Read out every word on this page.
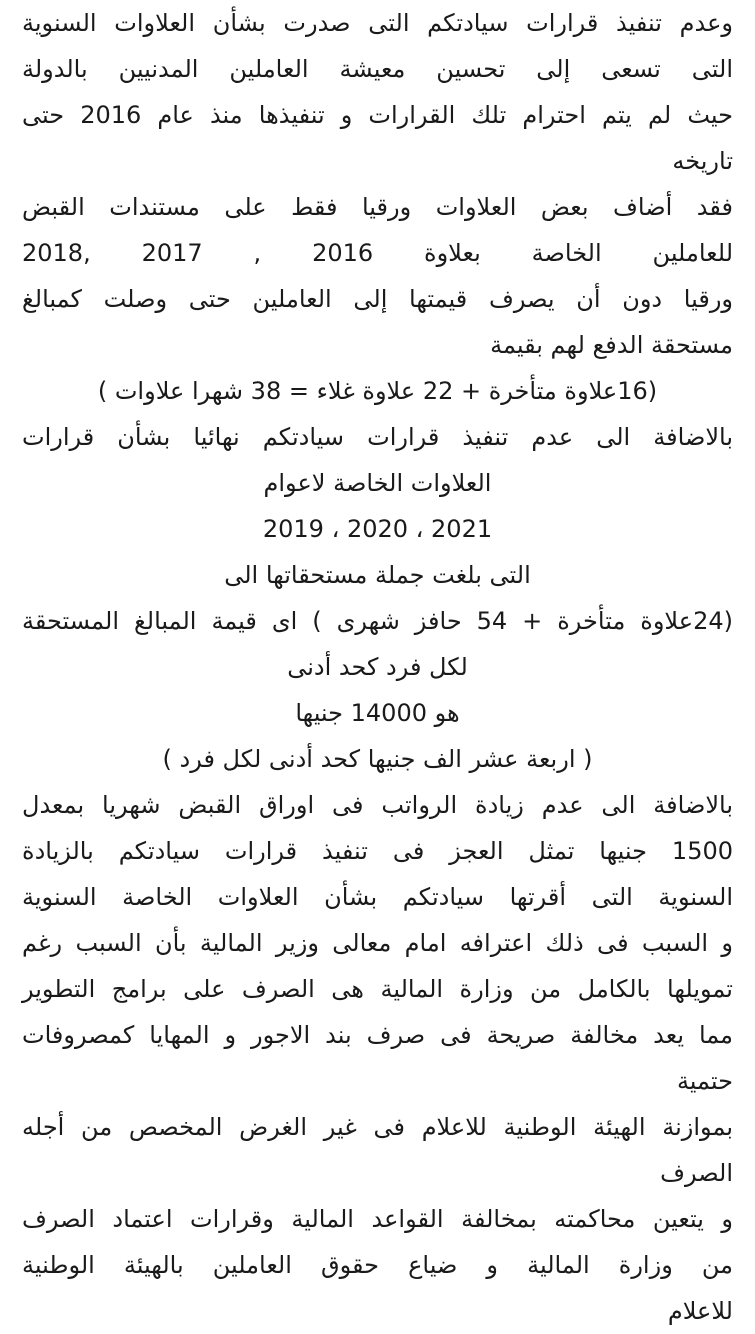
وعدم تنفيذ قرارات سيادتكم التى صدرت بشأن العلاوات السنوية
التى تسعى إلى تحسين معيشة العاملين المدنيين بالدولة
حيث لم يتم احترام تلك القرارات و تنفيذها منذ عام 2016 حتى
تاريخه
فقد أضاف بعض العلاوات ورقيا فقط على مستندات القبض
للعاملين الخاصة بعلاوة 2016 , 2017 ,2018
ورقيا دون أن يصرف قيمتها إلى العاملين حتى وصلت كمبالغ
مستحقة الدفع لهم بقيمة
(16علاوة متأخرة + 22 علاوة غلاء = 38 شهرا علاوات )
بالاضافة الى عدم تنفيذ قرارات سيادتكم نهائيا بشأن قرارات
العلاوات الخاصة لاعوام
2019 ، 2020 ، 2021
التى بلغت جملة مستحقاتها الى
(24علاوة متأخرة + 54 حافز شهرى ) اى قيمة المبالغ المستحقة
لكل فرد كحد أدنى
هو 14000 جنيها
( اربعة عشر الف جنيها كحد أدنى لكل فرد )
بالاضافة الى عدم زيادة الرواتب فى اوراق القبض شهريا بمعدل
1500 جنيها تمثل العجز فى تنفيذ قرارات سيادتكم بالزيادة
السنوية التى أقرتها سيادتكم بشأن العلاوات الخاصة السنوية
و السبب فى ذلك اعترافه امام معالى وزير المالية بأن السبب رغم
تمويلها بالكامل من وزارة المالية هى الصرف على برامج التطوير
مما يعد مخالفة صريحة فى صرف بند الاجور و المهايا كمصروفات
حتمية
بموازنة الهيئة الوطنية للاعلام فى غير الغرض المخصص من أجله
الصرف
و يتعين محاكمته بمخالفة القواعد المالية وقرارات اعتماد الصرف
من وزارة المالية و ضياع حقوق العاملين بالهيئة الوطنية
للاعلام
